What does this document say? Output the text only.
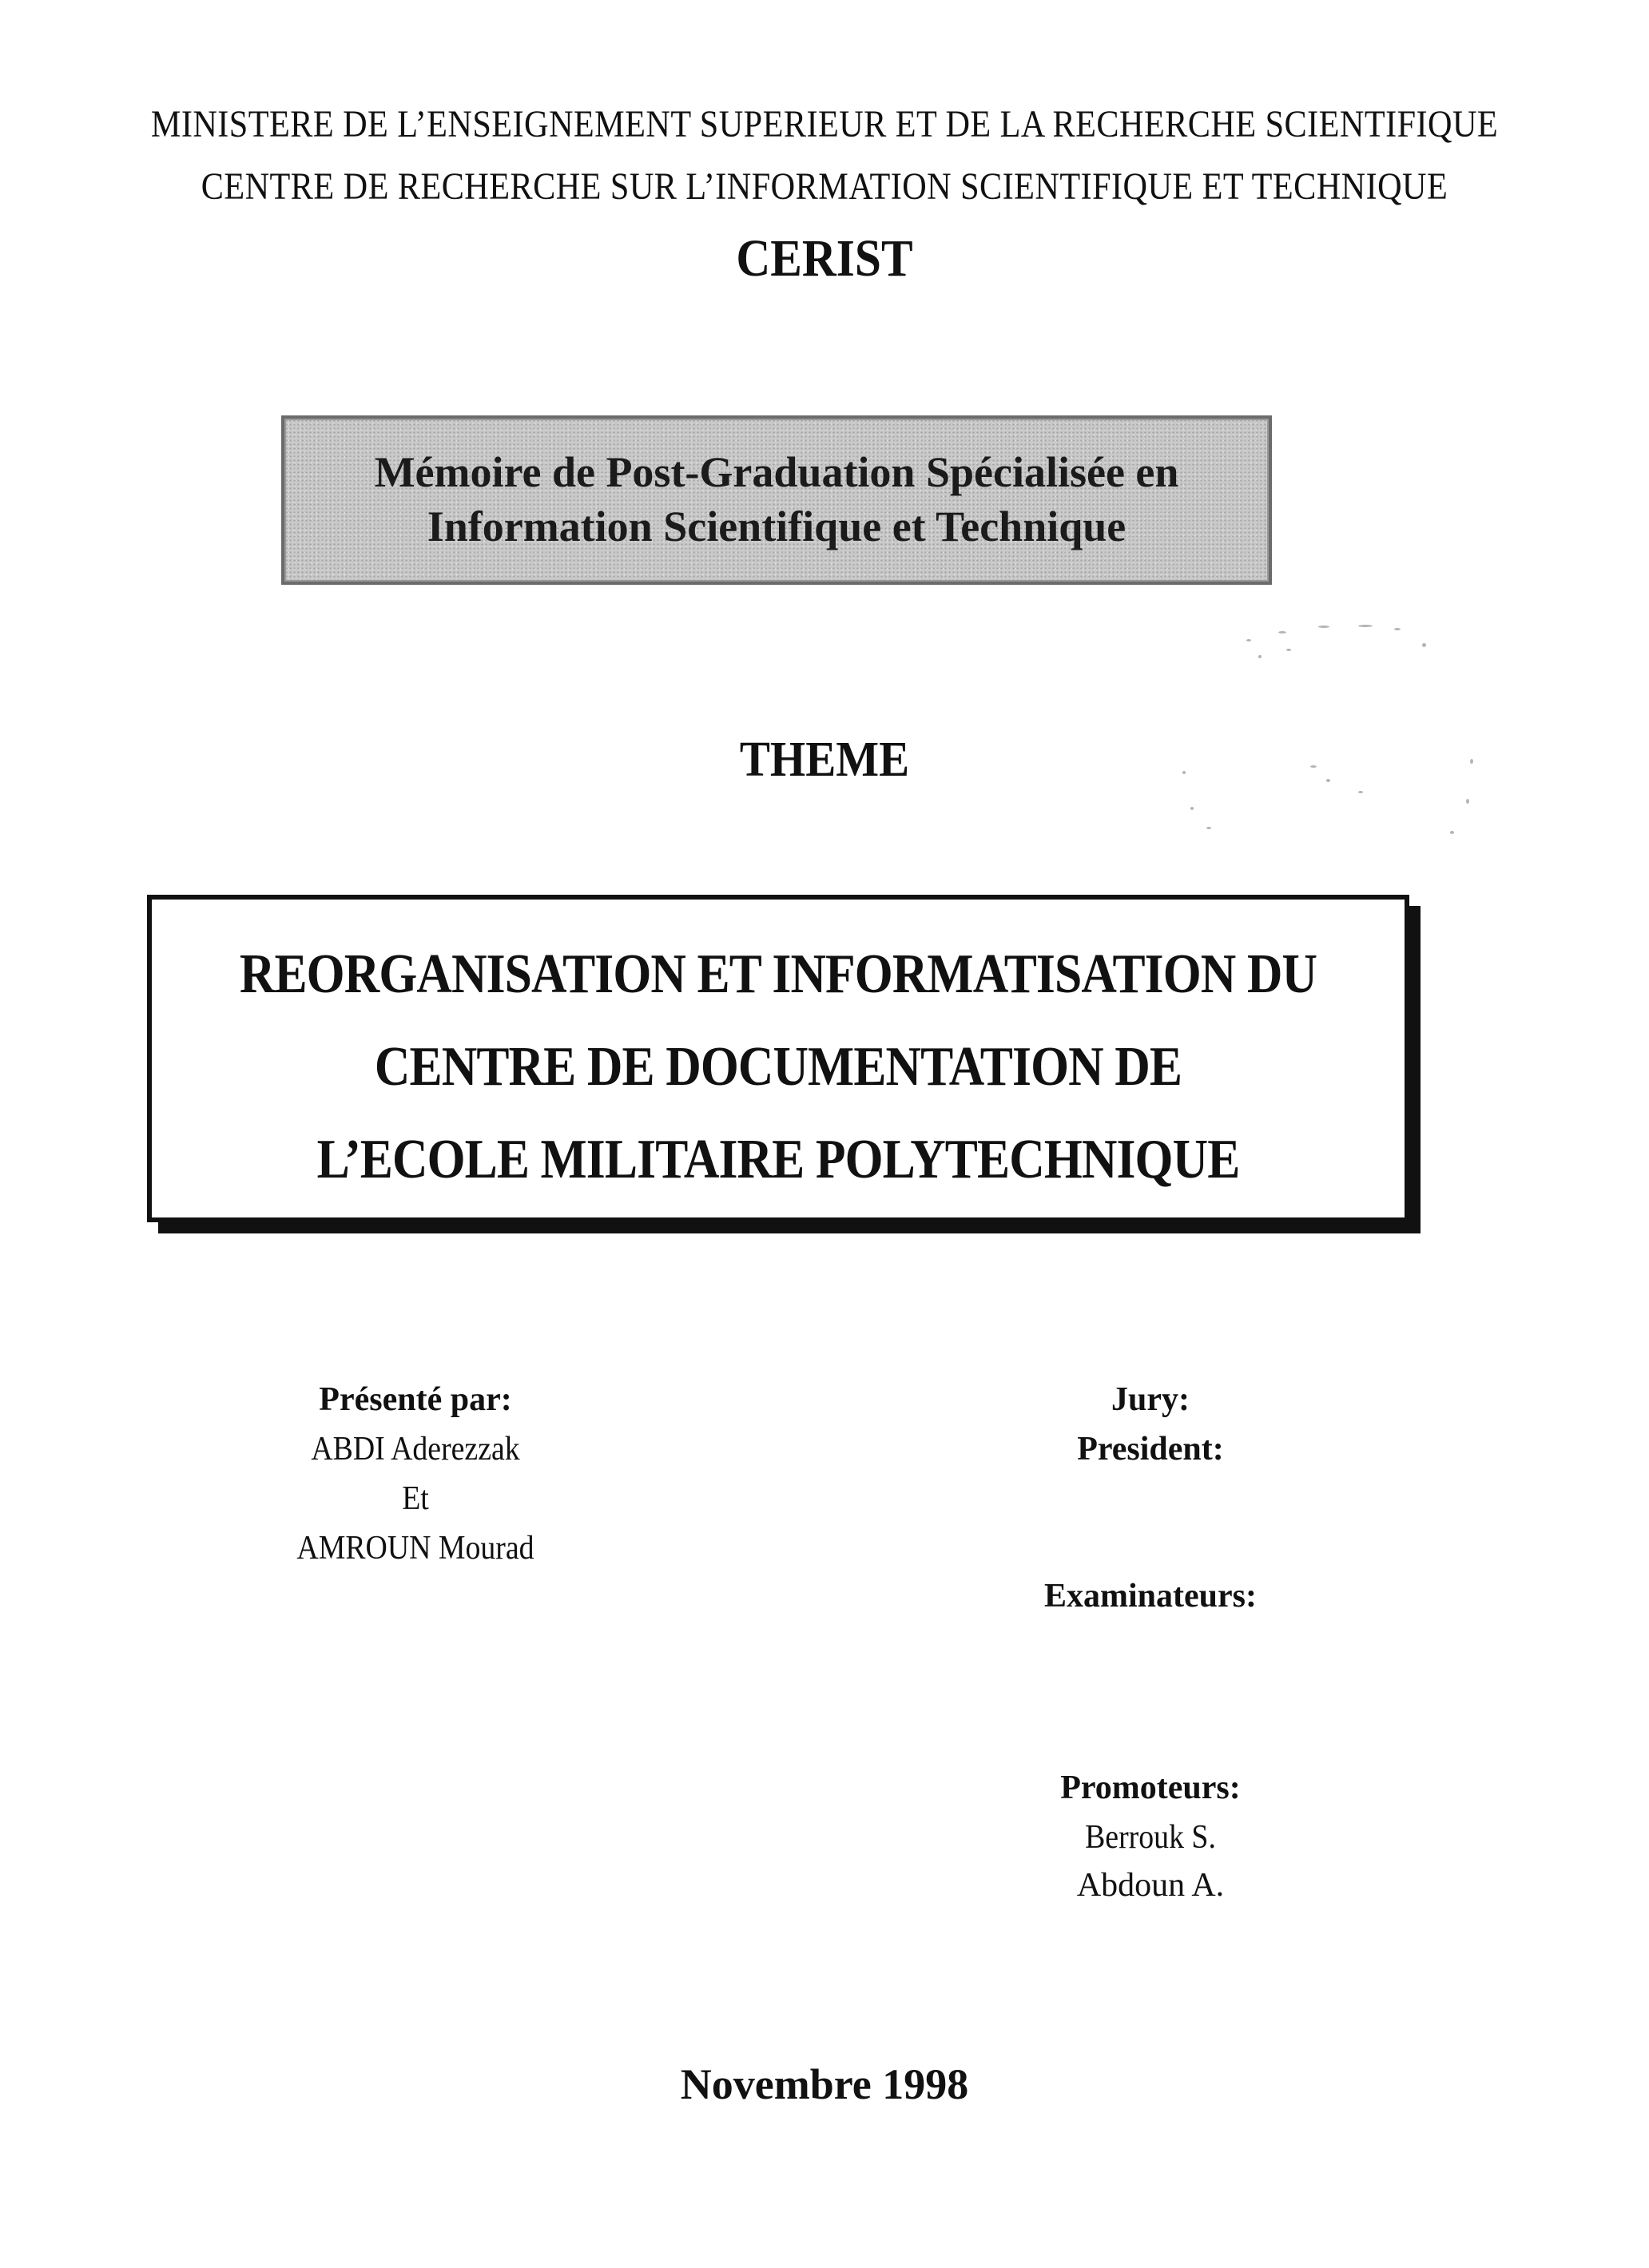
MINISTERE DE L’ENSEIGNEMENT SUPERIEUR ET DE LA RECHERCHE SCIENTIFIQUE
CENTRE DE RECHERCHE SUR L’INFORMATION SCIENTIFIQUE ET TECHNIQUE
CERIST
Mémoire de Post-Graduation Spécialisée en
Information Scientifique et Technique
THEME
REORGANISATION ET INFORMATISATION DU
CENTRE DE DOCUMENTATION DE
L’ECOLE MILITAIRE POLYTECHNIQUE
Présenté par:
ABDI Aderezzak
Et
AMROUN Mourad
Jury:
President:
Examinateurs:
Promoteurs:
Berrouk S.
Abdoun A.
Novembre 1998
